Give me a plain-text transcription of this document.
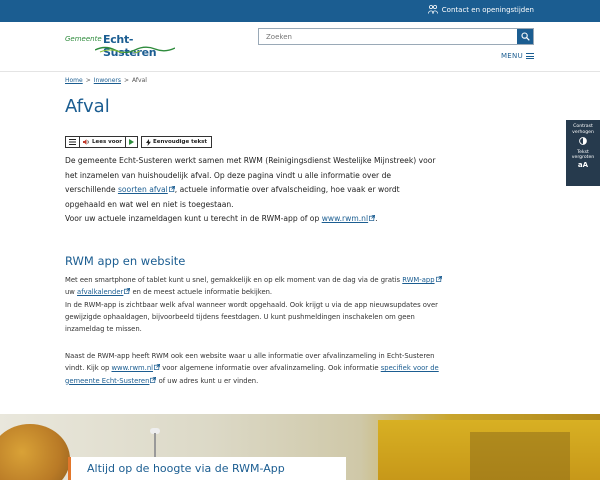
Contact en openingstijden
Gemeente Echt-Susteren
Zoeken	MENU
Home > Inwoners > Afval
Afval
Lees voor	Eenvoudige tekst
De gemeente Echt-Susteren werkt samen met RWM (Reinigingsdienst Westelijke Mijnstreek) voor het inzamelen van huishoudelijk afval. Op deze pagina vindt u alle informatie over de verschillende soorten afval , actuele informatie over afvalscheiding, hoe vaak er wordt opgehaald en wat wel en niet is toegestaan.
Voor uw actuele inzameldagen kunt u terecht in de RWM-app of op www.rwm.nl .
RWM app en website
Met een smartphone of tablet kunt u snel, gemakkelijk en op elk moment van de dag via de gratis RWM-app uw afvalkalender en de meest actuele informatie bekijken.
In de RWM-app is zichtbaar welk afval wanneer wordt opgehaald. Ook krijgt u via de app nieuwsupdates over gewijzigde ophaaldagen, bijvoorbeeld tijdens feestdagen. U kunt pushmeldingen inschakelen om geen inzameldag te missen.
Naast de RWM-app heeft RWM ook een website waar u alle informatie over afvalinzameling in Echt-Susteren vindt. Kijk op www.rwm.nl voor algemene informatie over afvalinzameling. Ook informatie specifiek voor de gemeente Echt-Susteren of uw adres kunt u er vinden.
Contrast verhogen
Tekst vergroten
aA
Altijd op de hoogte via de RWM-App
